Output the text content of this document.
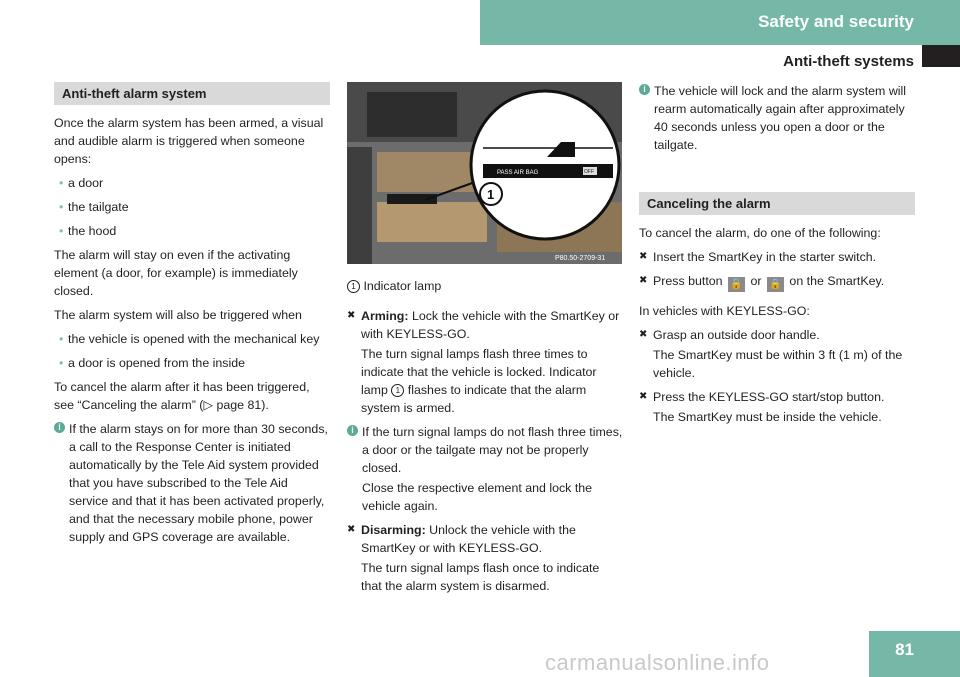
Safety and security
Anti-theft systems
Anti-theft alarm system

Once the alarm system has been armed, a visual and audible alarm is triggered when someone opens:

• a door
• the tailgate
• the hood

The alarm will stay on even if the activating element (a door, for example) is immediately closed.

The alarm system will also be triggered when

• the vehicle is opened with the mechanical key
• a door is opened from the inside

To cancel the alarm after it has been triggered, see “Canceling the alarm” (▷ page 81).

i If the alarm stays on for more than 30 seconds, a call to the Response Center is initiated automatically by the Tele Aid system provided that you have subscribed to the Tele Aid service and that it has been activated properly, and that the necessary mobile phone, power supply and GPS coverage are available.
PASS AIR BAG	OFF
1
P80.50-2709-31
1 Indicator lamp
✖ Arming: Lock the vehicle with the SmartKey or with KEYLESS-GO.
The turn signal lamps flash three times to indicate that the vehicle is locked. Indicator lamp 1 flashes to indicate that the alarm system is armed.
i If the turn signal lamps do not flash three times, a door or the tailgate may not be properly closed.
Close the respective element and lock the vehicle again.
✖ Disarming: Unlock the vehicle with the SmartKey or with KEYLESS-GO.
The turn signal lamps flash once to indicate that the alarm system is disarmed.
i The vehicle will lock and the alarm system will rearm automatically again after approximately 40 seconds unless you open a door or the tailgate.
Canceling the alarm

To cancel the alarm, do one of the following:

✖ Insert the SmartKey in the starter switch.
✖ Press button 🔓 or 🔒 on the SmartKey.

In vehicles with KEYLESS-GO:

✖ Grasp an outside door handle.
The SmartKey must be within 3 ft (1 m) of the vehicle.
✖ Press the KEYLESS-GO start/stop button.
The SmartKey must be inside the vehicle.
81
carmanualsonline.info
